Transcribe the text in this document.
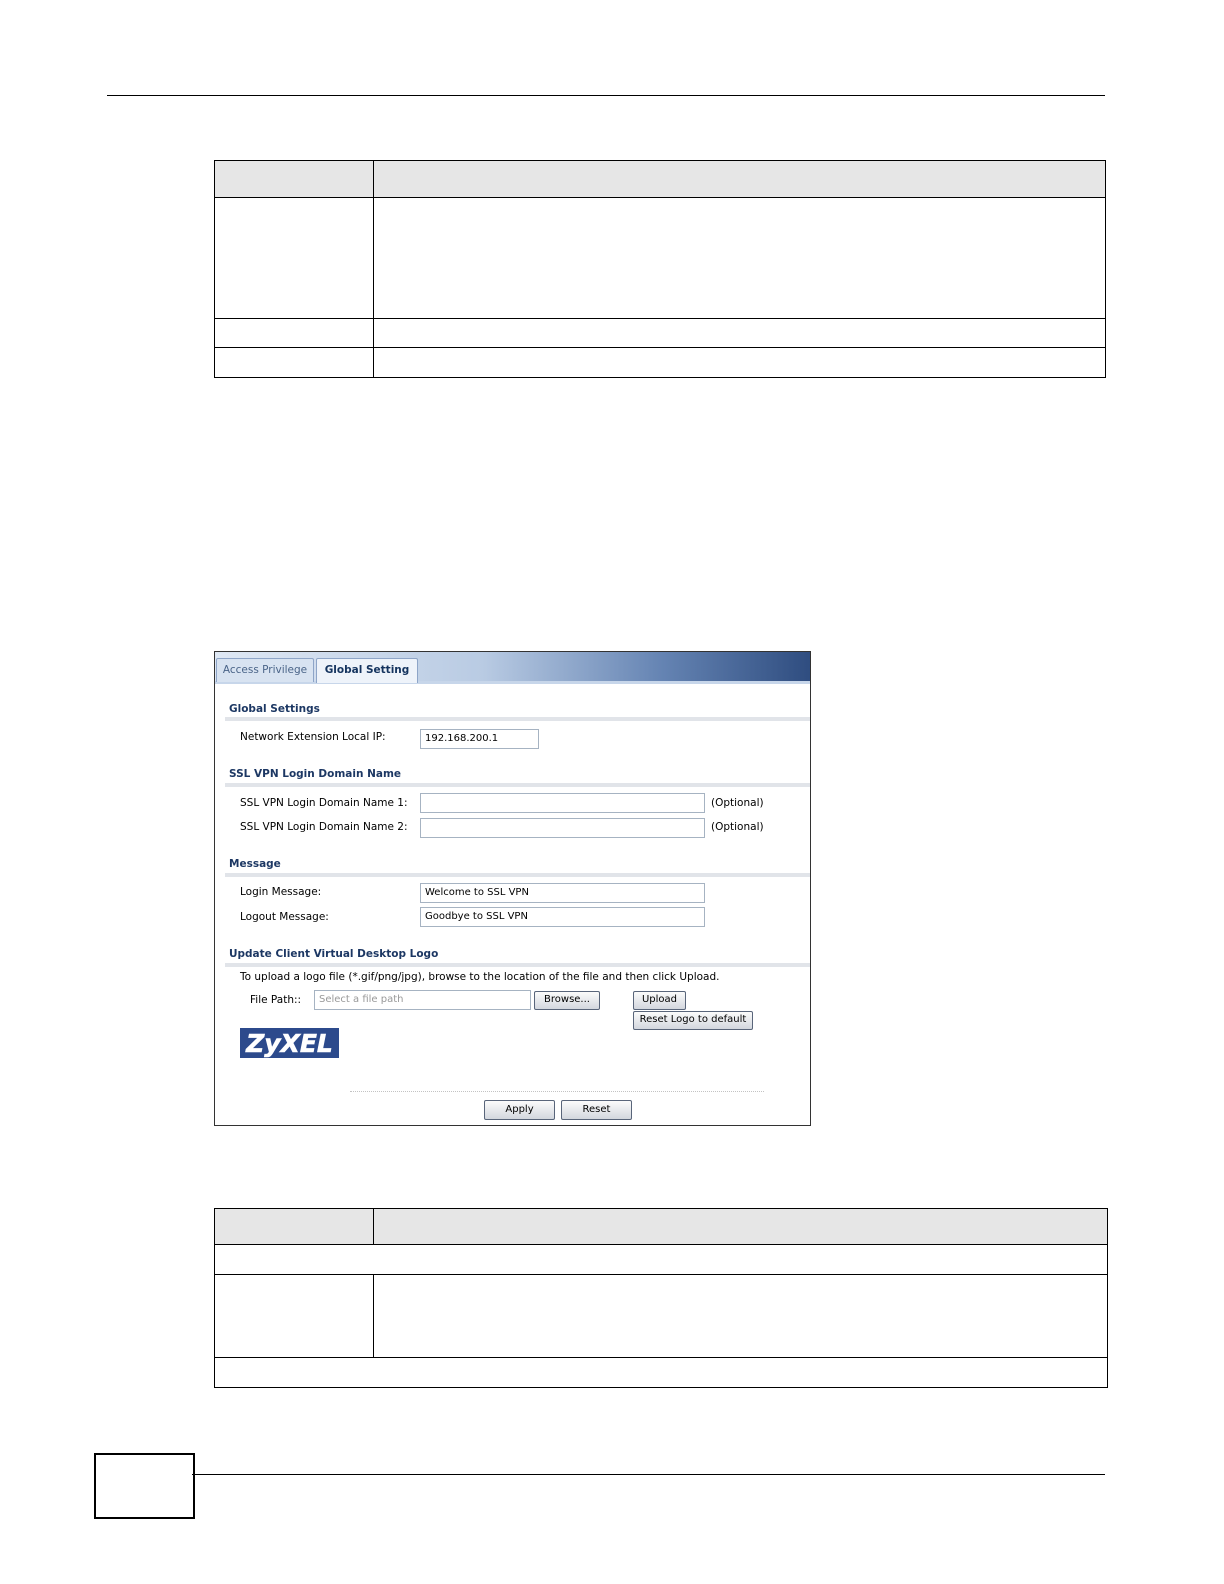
Access Privilege	Global Setting
Global Settings
Network Extension Local IP:	192.168.200.1
SSL VPN Login Domain Name
SSL VPN Login Domain Name 1:	(Optional)
SSL VPN Login Domain Name 2:	(Optional)
Message
Login Message:	Welcome to SSL VPN
Logout Message:	Goodbye to SSL VPN
Update Client Virtual Desktop Logo
To upload a logo file (*.gif/png/jpg), browse to the location of the file and then click Upload.
File Path::	Select a file path	Browse...	Upload
Reset Logo to default
ZyXEL
Apply	Reset
